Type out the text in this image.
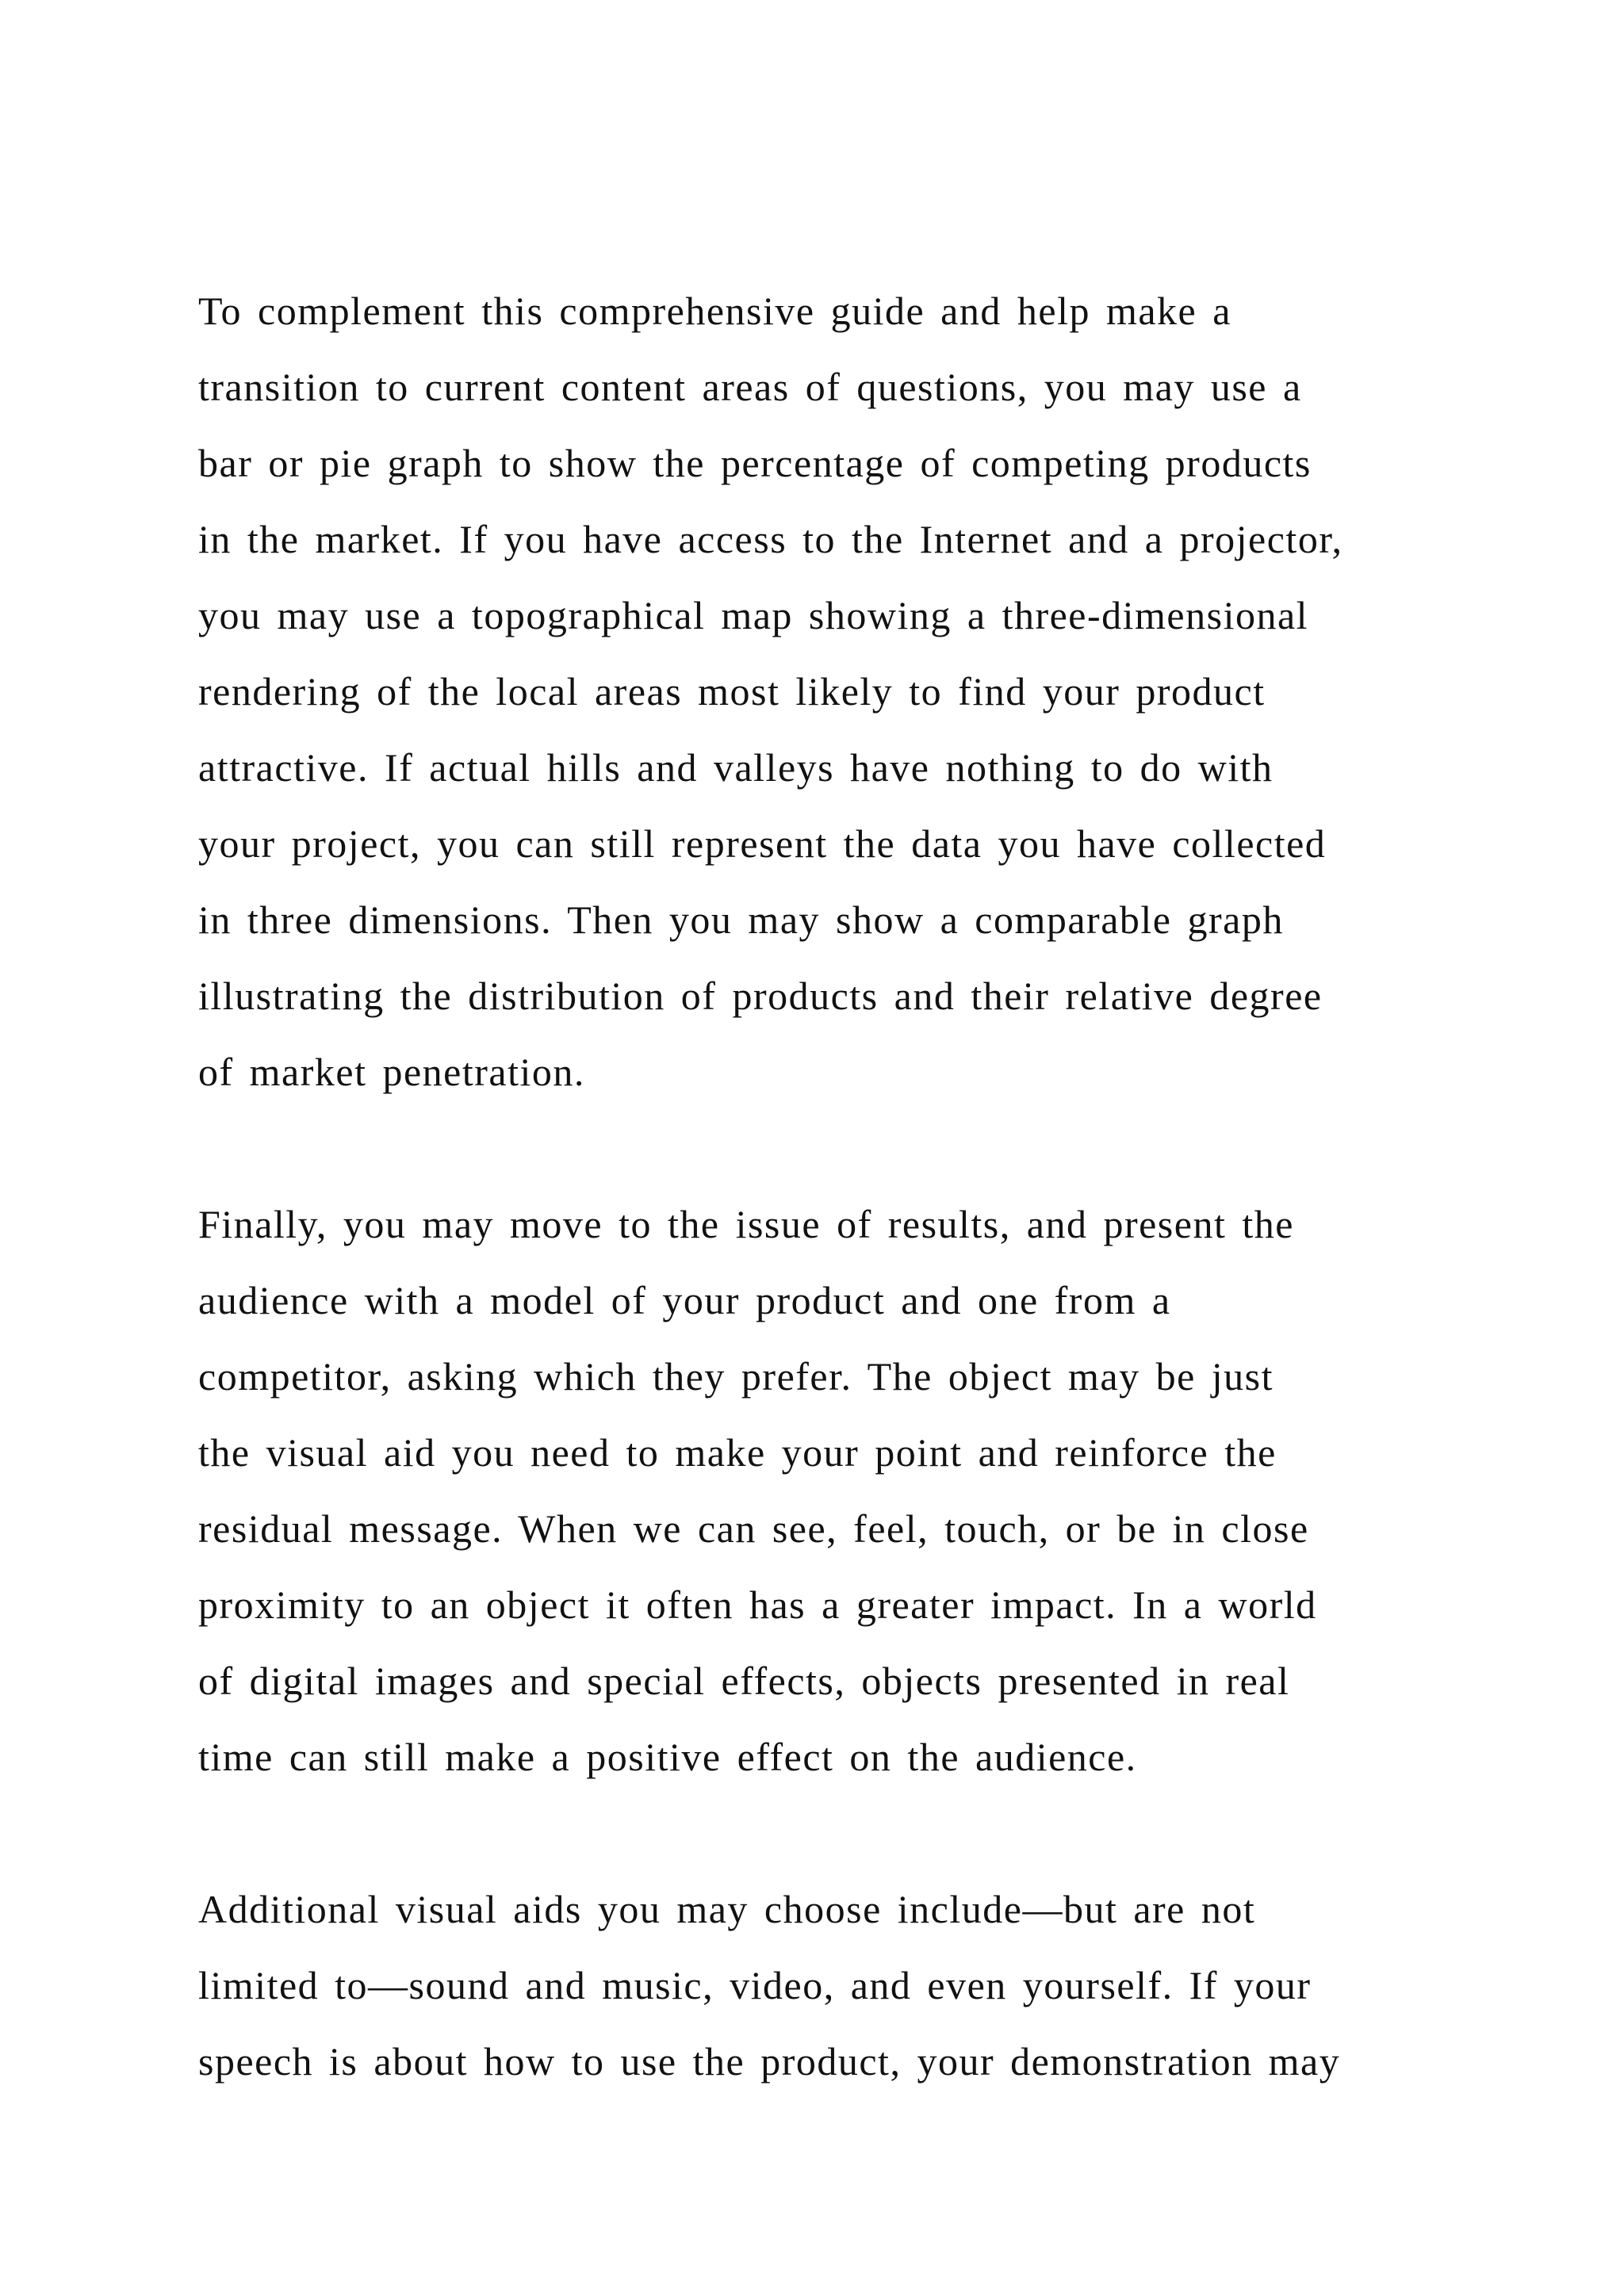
To complement this comprehensive guide and help make a
transition to current content areas of questions, you may use a
bar or pie graph to show the percentage of competing products
in the market. If you have access to the Internet and a projector,
you may use a topographical map showing a three-dimensional
rendering of the local areas most likely to find your product
attractive. If actual hills and valleys have nothing to do with
your project, you can still represent the data you have collected
in three dimensions. Then you may show a comparable graph
illustrating the distribution of products and their relative degree
of market penetration.
Finally, you may move to the issue of results, and present the
audience with a model of your product and one from a
competitor, asking which they prefer. The object may be just
the visual aid you need to make your point and reinforce the
residual message. When we can see, feel, touch, or be in close
proximity to an object it often has a greater impact. In a world
of digital images and special effects, objects presented in real
time can still make a positive effect on the audience.
Additional visual aids you may choose include—but are not
limited to—sound and music, video, and even yourself. If your
speech is about how to use the product, your demonstration may
